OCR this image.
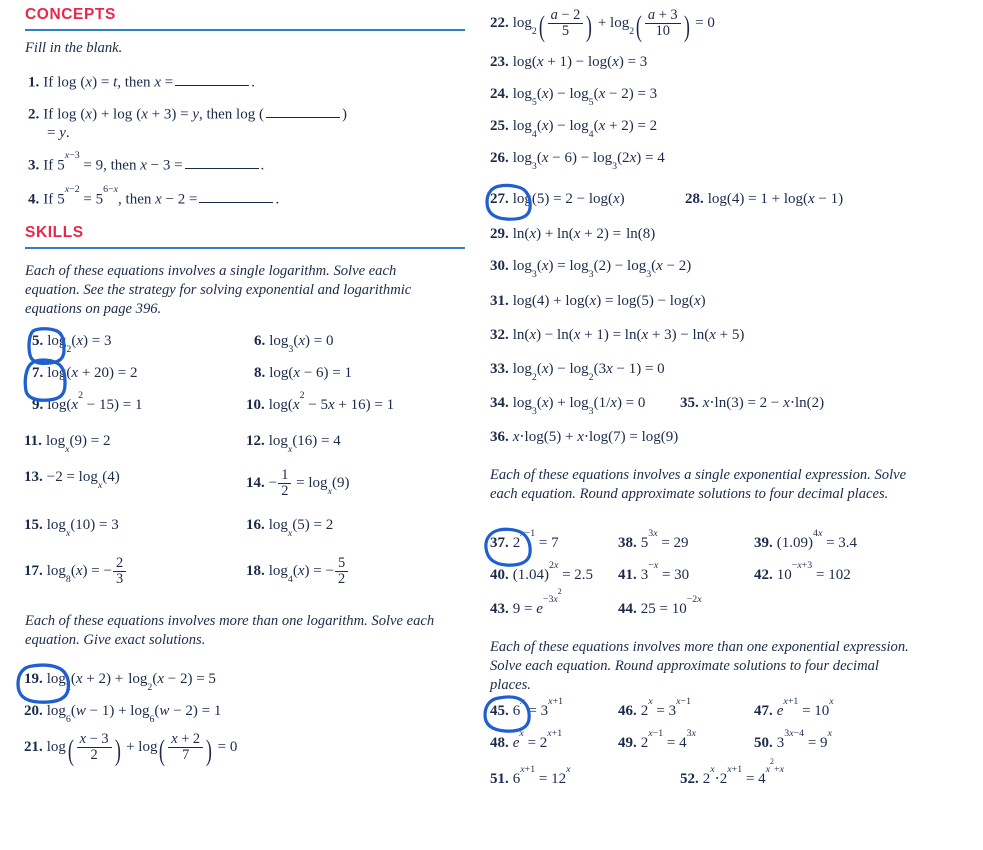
CONCEPTS
Fill in the blank.
1. If log (x) = t, then x =	.
2. If log (x) + log (x + 3) = y, then log (	)
= y.
3. If $5^{x-3} = 9$, then x − 3 =	.
4. If $5^{x-2} = 5^{6-x}$, then x − 2 =	.
SKILLS
Each of these equations involves a single logarithm. Solve each equation. See the strategy for solving exponential and logarithmic equations on page 396.
5. $\log_2(x) = 3$	6. $\log_3(x) = 0$
7. log(x + 20) = 2	8. log(x − 6) = 1
9. $\log(x^2 - 15) = 1$	10. $\log(x^2 - 5x + 16) = 1$
11. $\log_x(9) = 2$	12. $\log_x(16) = 4$
13. $-2 = \log_x(4)$	14. − $\frac{1}{2} = \log_x(9)$
15. $\log_x(10) = 3$	16. $\log_x(5) = 2$
17. $\log_8(x)$ = − $\frac{2}{3}$	18. $\log_4(x)$ = − $\frac{5}{2}$
Each of these equations involves more than one logarithm. Solve each equation. Give exact solutions.
19. $\log_2(x + 2) + \log_2(x - 2) = 5$
20. $\log_6(w - 1) + \log_6(w - 2) = 1$
21. $\log( \frac{x - 3}{2}$ ) + $\log( \frac{x + 2}{7}$ ) = 0
22. $\log_2( \frac{a - 2}{5}$ ) + $\log_2( \frac{a + 3}{10}$ ) = 0
23. log(x + 1) − log(x) = 3
24. $\log_5(x) - \log_5(x - 2) = 3$
25. $\log_4(x) - \log_4(x + 2) = 2$
26. $\log_3(x - 6) - \log_3(2x) = 4$
27. log(5) = 2 − log(x)	28. log(4) = 1 + log(x − 1)
29. ln(x) + ln(x + 2) = ln(8)
30. $\log_3(x) = \log_3(2) - \log_3(x - 2)$
31. log(4) + log(x) = log(5) − log(x)
32. ln(x) − ln(x + 1) = ln(x + 3) − ln(x + 5)
33. $\log_2(x) - \log_2(3x - 1) = 0$
34. $\log_3(x) + \log_3(1/x) = 0$ 35. x⋅ln(3) = 2 − x⋅ln(2)
36. x⋅log(5) + x⋅log(7) = log(9)
Each of these equations involves a single exponential expression. Solve each equation. Round approximate solutions to four decimal places.
37. $2^{x-1} = 7$	38. $5^{3x} = 29$	39. $(1.09)^{4x} = 3.4$
40. $(1.04)^{2x} = 2.5$ 41. $3^{-x} = 30$	42. $10^{-x+3} = 102$
43. $9 = e^{-3x^2}$
44. $25 = 10^{-2x}$
Each of these equations involves more than one exponential expression. Solve each equation. Round approximate solutions to four decimal places.
45. $6^x = 3^{x+1}$
46. $2^x = 3^{x-1}$
47. $e^{x+1} = 10^x$
48. $e^x = 2^{x+1}$
49. $2^{x-1} = 4^{3x}$
50. $3^{3x-4} = 9^x$
51. $6^{x+1} = 12^x$
52. $2^x\cdot 2^{x+1} = 4^{x^2+x}$
